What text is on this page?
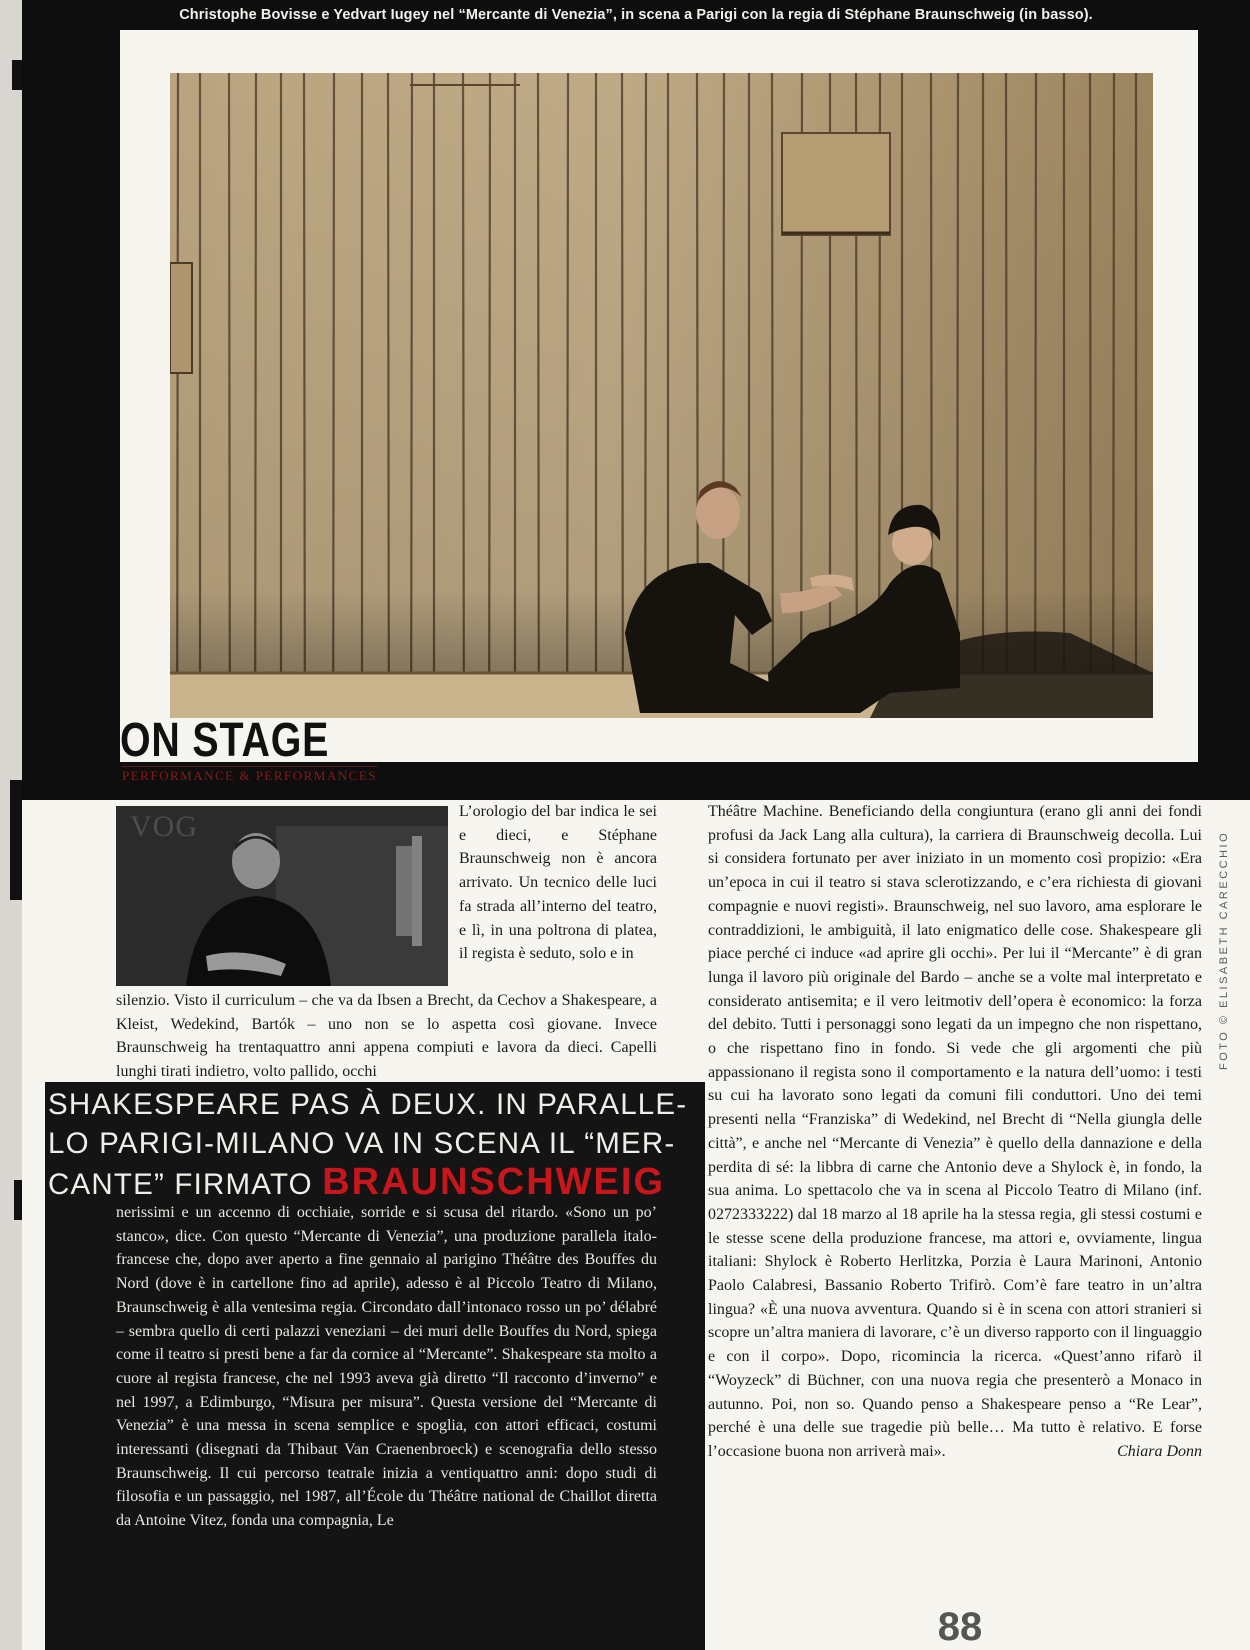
Christophe Bovisse e Yedvart Iugey nel “Mercante di Venezia”, in scena a Parigi con la regia di Stéphane Braunschweig (in basso).
ON STAGE
PERFORMANCE & PERFORMANCES
VOG	L’orologio del bar indica le sei e dieci, e Stéphane Braunschweig non è ancora arrivato. Un tecnico delle luci fa strada all’interno del teatro, e lì, in una poltrona di platea, il regista è seduto, solo e in
silenzio. Visto il curriculum – che va da Ibsen a Brecht, da Cechov a Shakespeare, a Kleist, Wedekind, Bartók – uno non se lo aspetta così giovane. Invece Braunschweig ha trentaquattro anni appena compiuti e lavora da dieci. Capelli lunghi tirati indietro, volto pallido, occhi
SHAKESPEARE PAS À DEUX. IN PARALLE-LO PARIGI-MILANO VA IN SCENA IL “MER-CANTE” FIRMATO BRAUNSCHWEIG
nerissimi e un accenno di occhiaie, sorride e si scusa del ritardo. «Sono un po’ stanco», dice. Con questo “Mercante di Venezia”, una produzione parallela italo-francese che, dopo aver aperto a fine gennaio al parigino Théâtre des Bouffes du Nord (dove è in cartellone fino ad aprile), adesso è al Piccolo Teatro di Milano, Braunschweig è alla ventesima regia. Circondato dall’intonaco rosso un po’ délabré – sembra quello di certi palazzi veneziani – dei muri delle Bouffes du Nord, spiega come il teatro si presti bene a far da cornice al “Mercante”. Shakespeare sta molto a cuore al regista francese, che nel 1993 aveva già diretto “Il racconto d’inverno” e nel 1997, a Edimburgo, “Misura per misura”. Questa versione del “Mercante di Venezia” è una messa in scena semplice e spoglia, con attori efficaci, costumi interessanti (disegnati da Thibaut Van Craenenbroeck) e scenografia dello stesso Braunschweig. Il cui percorso teatrale inizia a ventiquattro anni: dopo studi di filosofia e un passaggio, nel 1987, all’École du Théâtre national de Chaillot diretta da Antoine Vitez, fonda una compagnia, Le
Théâtre Machine. Beneficiando della congiuntura (erano gli anni dei fondi profusi da Jack Lang alla cultura), la carriera di Braunschweig decolla. Lui si considera fortunato per aver iniziato in un momento così propizio: «Era un’epoca in cui il teatro si stava sclerotizzando, e c’era richiesta di giovani compagnie e nuovi registi». Braunschweig, nel suo lavoro, ama esplorare le contraddizioni, le ambiguità, il lato enigmatico delle cose. Shakespeare gli piace perché ci induce «ad aprire gli occhi». Per lui il “Mercante” è di gran lunga il lavoro più originale del Bardo – anche se a volte mal interpretato e considerato antisemita; e il vero leitmotiv dell’opera è economico: la forza del debito. Tutti i personaggi sono legati da un impegno che non rispettano, o che rispettano fino in fondo. Si vede che gli argomenti che più appassionano il regista sono il comportamento e la natura dell’uomo: i testi su cui ha lavorato sono legati da comuni fili conduttori. Uno dei temi presenti nella “Franziska” di Wedekind, nel Brecht di “Nella giungla delle città”, e anche nel “Mercante di Venezia” è quello della dannazione e della perdita di sé: la libbra di carne che Antonio deve a Shylock è, in fondo, la sua anima. Lo spettacolo che va in scena al Piccolo Teatro di Milano (inf. 0272333222) dal 18 marzo al 18 aprile ha la stessa regia, gli stessi costumi e le stesse scene della produzione francese, ma attori e, ovviamente, lingua italiani: Shylock è Roberto Herlitzka, Porzia è Laura Marinoni, Antonio Paolo Calabresi, Bassanio Roberto Trifirò. Com’è fare teatro in un’altra lingua? «È una nuova avventura. Quando si è in scena con attori stranieri si scopre un’altra maniera di lavorare, c’è un diverso rapporto con il linguaggio e con il corpo». Dopo, ricomincia la ricerca. «Quest’anno rifarò il “Woyzeck” di Büchner, con una nuova regia che presenterò a Monaco in autunno. Poi, non so. Quando penso a Shakespeare penso a “Re Lear”, perché è una delle sue tragedie più belle… Ma tutto è relativo. E forse l’occasione buona non arriverà mai».	Chiara Donn
FOTO © ELISABETH CARECCHIO
88
